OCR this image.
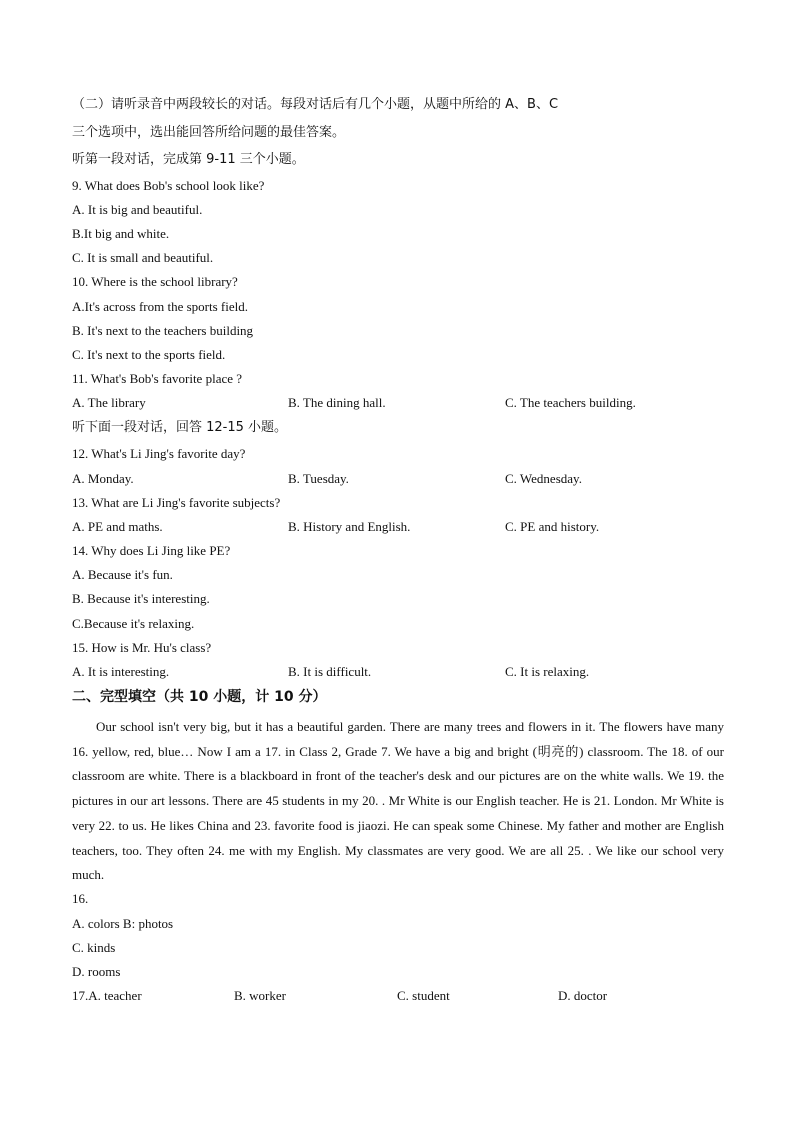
（二）请听录音中两段较长的对话。每段对话后有几个小题，从题中所给的 A、B、C
三个选项中，选出能回答所给问题的最佳答案。
听第一段对话，完成第 9-11 三个小题。
9. What does Bob's school look like?
A. It is big and beautiful.
B.It big and white.
C. It is small and beautiful.
10. Where is the school library?
A.It's across from the sports field.
B. It's next to the teachers building
C. It's next to the sports field.
11. What's Bob's favorite place ?
A. The library	B. The dining hall.	C. The teachers building.
听下面一段对话，回答 12-15 小题。
12. What's Li Jing's favorite day?
A. Monday.	B. Tuesday.	C. Wednesday.
13. What are Li Jing's favorite subjects?
A. PE and maths.	B. History and English.	C. PE and history.
14. Why does Li Jing like PE?
A. Because it's fun.
B. Because it's interesting.
C.Because it's relaxing.
15. How is Mr. Hu's class?
A. It is interesting.	B. It is difficult.	C. It is relaxing.
二、完型填空（共 10 小题，计 10 分）
Our school isn't very big, but it has a beautiful garden. There are many trees and flowers in it. The flowers have many 16. yellow, red, blue… Now I am a 17. in Class 2, Grade 7. We have a big and bright (明亮的) classroom. The 18. of our classroom are white. There is a blackboard in front of the teacher's desk and our pictures are on the white walls. We 19. the pictures in our art lessons. There are 45 students in my 20. . Mr White is our English teacher. He is 21. London. Mr White is very 22. to us. He likes China and 23. favorite food is jiaozi. He can speak some Chinese. My father and mother are English teachers, too. They often 24. me with my English. My classmates are very good. We are all 25. . We like our school very much.
16.
A. colors B: photos
C. kinds
D. rooms
17.A. teacher	B. worker	C. student	D. doctor
